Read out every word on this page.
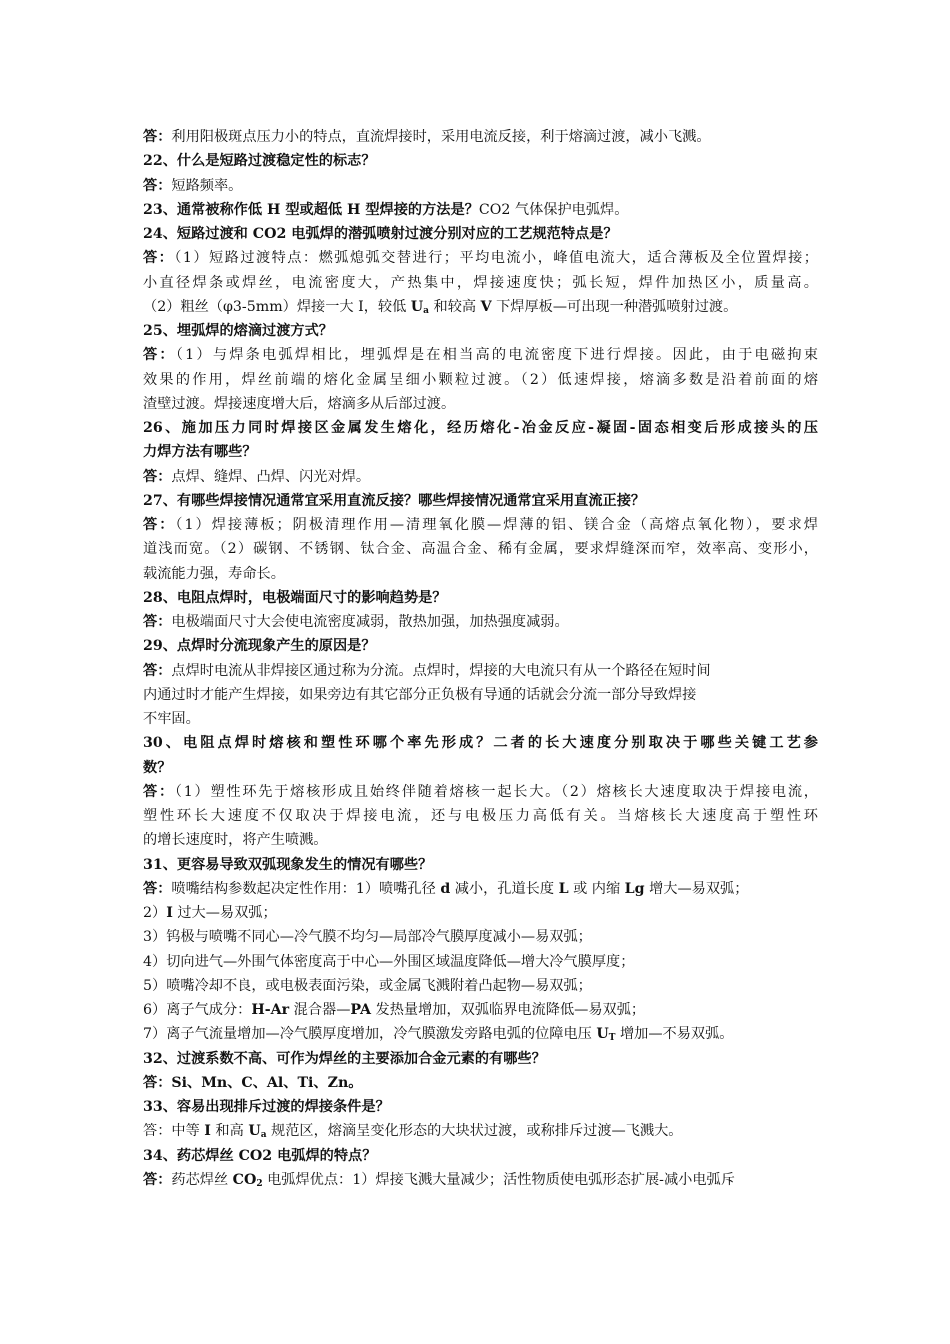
答：利用阳极斑点压力小的特点，直流焊接时，采用电流反接，利于熔滴过渡，减小飞溅。
22、什么是短路过渡稳定性的标志？
答：短路频率。
23、通常被称作低 H 型或超低 H 型焊接的方法是？CO2 气体保护电弧焊。
24、短路过渡和 CO2 电弧焊的潜弧喷射过渡分别对应的工艺规范特点是？
答：（1）短路过渡特点：燃弧熄弧交替进行；平均电流小，峰值电流大，适合薄板及全位置焊接；
小直径焊条或焊丝，电流密度大，产热集中，焊接速度快；弧长短，焊件加热区小，质量高。
（2）粗丝（φ3-5mm）焊接一大 I，较低 $U_a$ 和较高 V 下焊厚板—可出现一种潜弧喷射过渡。
25、埋弧焊的熔滴过渡方式？
答：（1）与焊条电弧焊相比，埋弧焊是在相当高的电流密度下进行焊接。因此，由于电磁拘束
效果的作用，焊丝前端的熔化金属呈细小颗粒过渡。（2）低速焊接，熔滴多数是沿着前面的熔
渣壁过渡。焊接速度增大后，熔滴多从后部过渡。
26、施加压力同时焊接区金属发生熔化，经历熔化-冶金反应-凝固-固态相变后形成接头的压
力焊方法有哪些？
答：点焊、缝焊、凸焊、闪光对焊。
27、有哪些焊接情况通常宜采用直流反接？哪些焊接情况通常宜采用直流正接？
答：（1）焊接薄板；阴极清理作用—清理氧化膜—焊薄的铝、镁合金（高熔点氧化物），要求焊
道浅而宽。（2）碳钢、不锈钢、钛合金、高温合金、稀有金属，要求焊缝深而窄，效率高、变形小，
载流能力强，寿命长。
28、电阻点焊时，电极端面尺寸的影响趋势是？
答：电极端面尺寸大会使电流密度减弱，散热加强，加热强度减弱。
29、点焊时分流现象产生的原因是？
答：点焊时电流从非焊接区通过称为分流。点焊时，焊接的大电流只有从一个路径在短时间
内通过时才能产生焊接，如果旁边有其它部分正负极有导通的话就会分流一部分导致焊接
不牢固。
30、电阻点焊时熔核和塑性环哪个率先形成？二者的长大速度分别取决于哪些关键工艺参
数？
答：（1）塑性环先于熔核形成且始终伴随着熔核一起长大。（2）熔核长大速度取决于焊接电流，
塑性环长大速度不仅取决于焊接电流，还与电极压力高低有关。当熔核长大速度高于塑性环
的增长速度时，将产生喷溅。
31、更容易导致双弧现象发生的情况有哪些？
答：喷嘴结构参数起决定性作用：1）喷嘴孔径 d 减小，孔道长度 L 或 内缩 Lg 增大—易双弧；
2）I 过大—易双弧；
3）钨极与喷嘴不同心—冷气膜不均匀—局部冷气膜厚度减小—易双弧；
4）切向进气—外围气体密度高于中心—外围区域温度降低—增大冷气膜厚度；
5）喷嘴冷却不良，或电极表面污染，或金属飞溅附着凸起物—易双弧；
6）离子气成分：H-Ar 混合器—PA 发热量增加，双弧临界电流降低—易双弧；
7）离子气流量增加—冷气膜厚度增加，冷气膜激发旁路电弧的位障电压 $U_T$ 增加—不易双弧。
32、过渡系数不高、可作为焊丝的主要添加合金元素的有哪些？
答：Si、Mn、C、Al、Ti、Zn。
33、容易出现排斥过渡的焊接条件是？
答：中等 I 和高 $U_a$ 规范区，熔滴呈变化形态的大块状过渡，或称排斥过渡—飞溅大。
34、药芯焊丝 CO2 电弧焊的特点？
答：药芯焊丝 $CO_2$ 电弧焊优点：1）焊接飞溅大量减少；活性物质使电弧形态扩展-减小电弧斥
